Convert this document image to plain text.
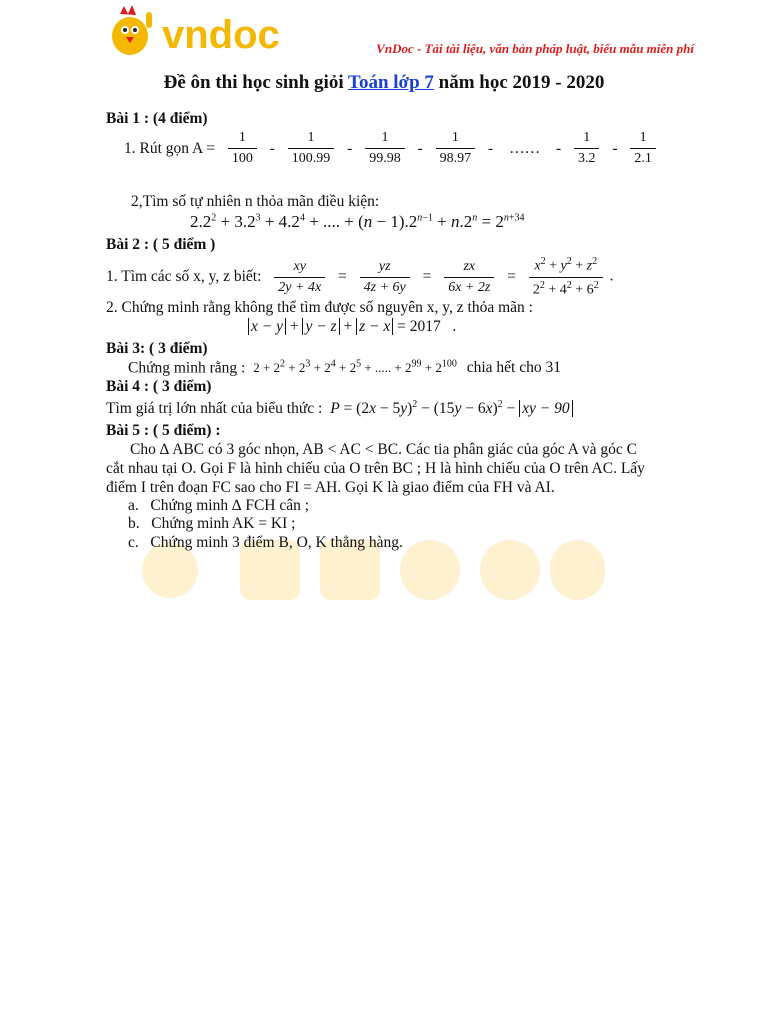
vndoc	VnDoc - Tải tài liệu, văn bản pháp luật, biểu mẫu miễn phí
Đề ôn thi học sinh giỏi Toán lớp 7 năm học 2019 - 2020
Bài 1 : (4 điểm)
1. Rút gọn $A = \frac{1}{100} - \frac{1}{100.99} - \frac{1}{99.98} - \frac{1}{98.97}$ - …… - $\frac{1}{3.2} - \frac{1}{2.1}$
2,Tìm số tự nhiên n thỏa mãn điều kiện:
$2.2^2 + 3.2^3 + 4.2^4$ + .... + $(n - 1).2^{n-1} + n.2^n = 2^{n+34}$
Bài 2 : ( 5 điểm )
1. Tìm các số x, y, z biết: $\frac{xy}{2y + 4x} = \frac{yz}{4z + 6y} = \frac{zx}{6x + 2z} = \frac{x^2 + y^2 + z^2}{2^2 + 4^2 + 6^2}$ .
2. Chứng minh rằng không thể tìm được số nguyên x, y, z thỏa mãn :
x − y + y − z + z − x = 2017   .
Bài 3: ( 3 điểm)
Chứng minh rằng : $2 + 2^2 + 2^3 + 2^4 + 2^5$ + ..... + $2^{99} + 2^{100}$ chia hết cho 31
Bài 4 : ( 3 điểm)
Tìm giá trị lớn nhất của biểu thức : $P = (2x - 5y)^2 - (15y - 6x)^2$ − xy − 90
Bài 5 : ( 5 điểm) :
Cho ∆ ABC có 3 góc nhọn, AB < AC < BC. Các tia phân giác của góc A và góc C
cắt nhau tại O. Gọi F là hình chiếu của O trên BC ; H là hình chiếu của O trên AC. Lấy
điểm I trên đoạn FC sao cho FI = AH. Gọi K là giao điểm của FH và AI.
a. Chứng minh ∆ FCH cân ;
b. Chứng minh AK = KI ;
c. Chứng minh 3 điểm B, O, K thẳng hàng.
